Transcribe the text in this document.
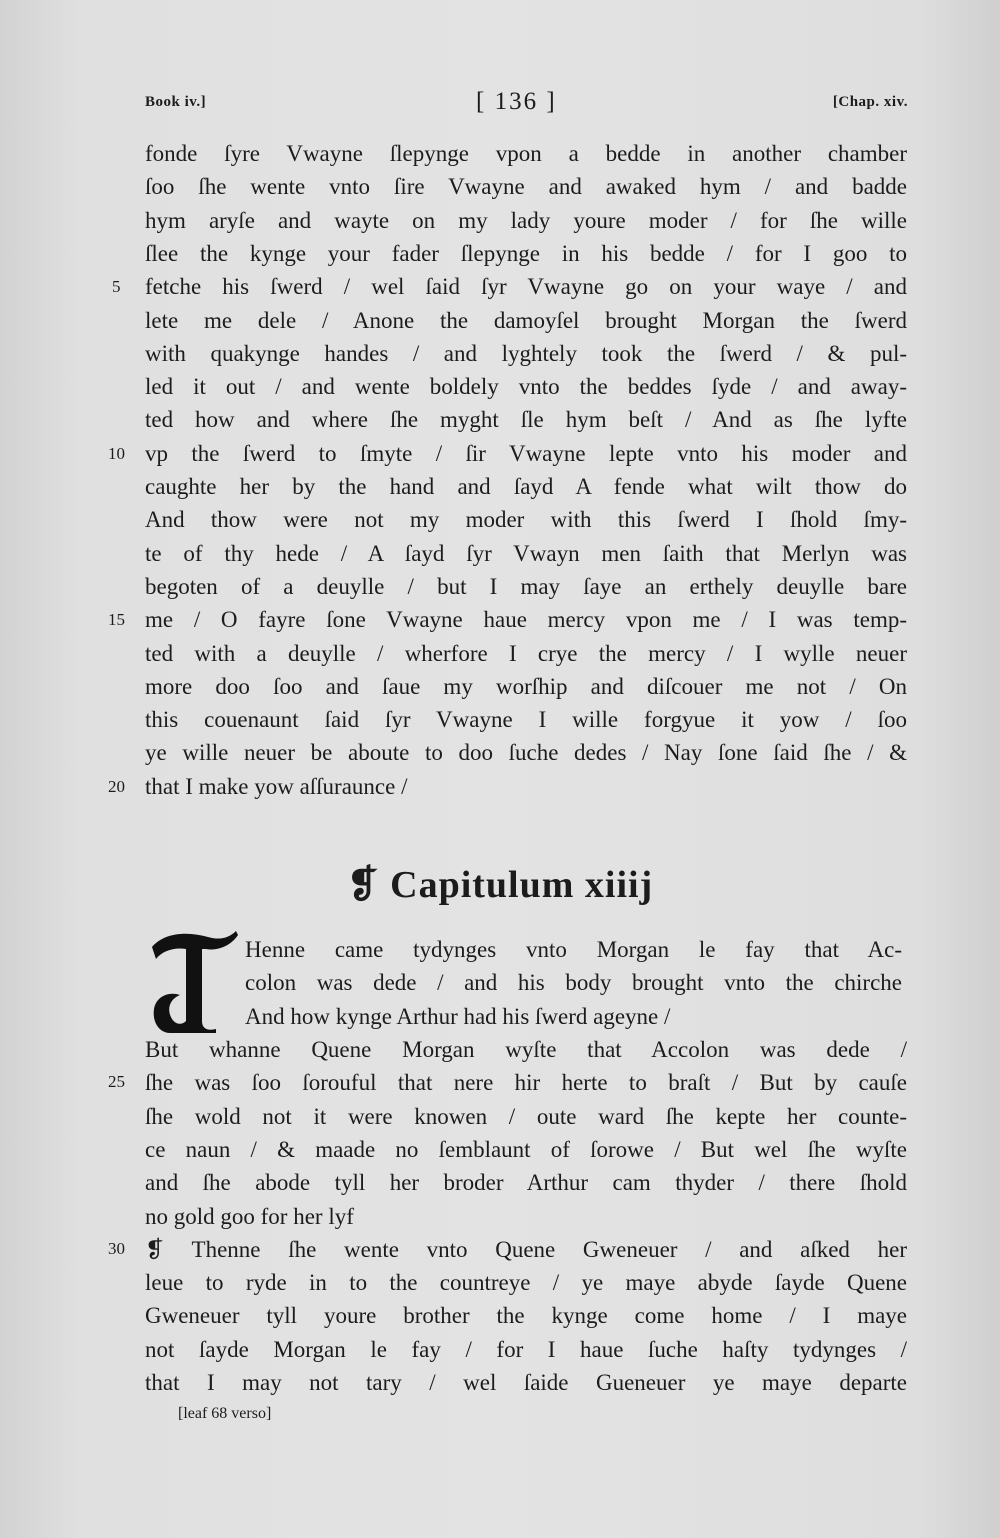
Book iv.]	[ 136 ]	[Chap. xiv.
fonde ſyre Vwayne ſlepynge vpon a bedde in another chamber
ſoo ſhe wente vnto ſire Vwayne and awaked hym / and badde
hym aryſe and wayte on my lady youre moder / for ſhe wille
ſlee the kynge your fader ſlepynge in his bedde / for I goo to
fetche his ſwerd / wel ſaid ſyr Vwayne go on your waye / and
lete me dele / Anone the damoyſel brought Morgan the ſwerd
with quakynge handes / and lyghtely took the ſwerd / & pul-
led it out / and wente boldely vnto the beddes ſyde / and away-
ted how and where ſhe myght ſle hym beſt / And as ſhe lyfte
vp the ſwerd to ſmyte / ſir Vwayne lepte vnto his moder and
caughte her by the hand and ſayd A fende what wilt thow do
And thow were not my moder with this ſwerd I ſhold ſmy-
te of thy hede / A ſayd ſyr Vwayn men ſaith that Merlyn was
begoten of a deuylle / but I may ſaye an erthely deuylle bare
me / O fayre ſone Vwayne haue mercy vpon me / I was temp-
ted with a deuylle / wherfore I crye the mercy / I wylle neuer
more doo ſoo and ſaue my worſhip and diſcouer me not / On
this couenaunt ſaid ſyr Vwayne I wille forgyue it yow / ſoo
ye wille neuer be aboute to doo ſuche dedes / Nay ſone ſaid ſhe / &
that I make yow aſſuraunce /
❡ Capitulum xiiij
Henne came tydynges vnto Morgan le fay that Ac-
colon was dede / and his body brought vnto the chirche
And how kynge Arthur had his ſwerd ageyne /
But whanne Quene Morgan wyſte that Accolon was dede /
ſhe was ſoo ſorouful that nere hir herte to braſt / But by cauſe
ſhe wold not it were knowen / oute ward ſhe kepte her counte-
ce naun / & maade no ſemblaunt of ſorowe / But wel ſhe wyſte
and ſhe abode tyll her broder Arthur cam thyder / there ſhold
no gold goo for her lyf
❡ Thenne ſhe wente vnto Quene Gweneuer / and aſked her
leue to ryde in to the countreye / ye maye abyde ſayde Quene
Gweneuer tyll youre brother the kynge come home / I maye
not ſayde Morgan le fay / for I haue ſuche haſty tydynges /
that I may not tary / wel ſaide Gueneuer ye maye departe
5
10
15
20
25
30
[leaf 68 verso]
